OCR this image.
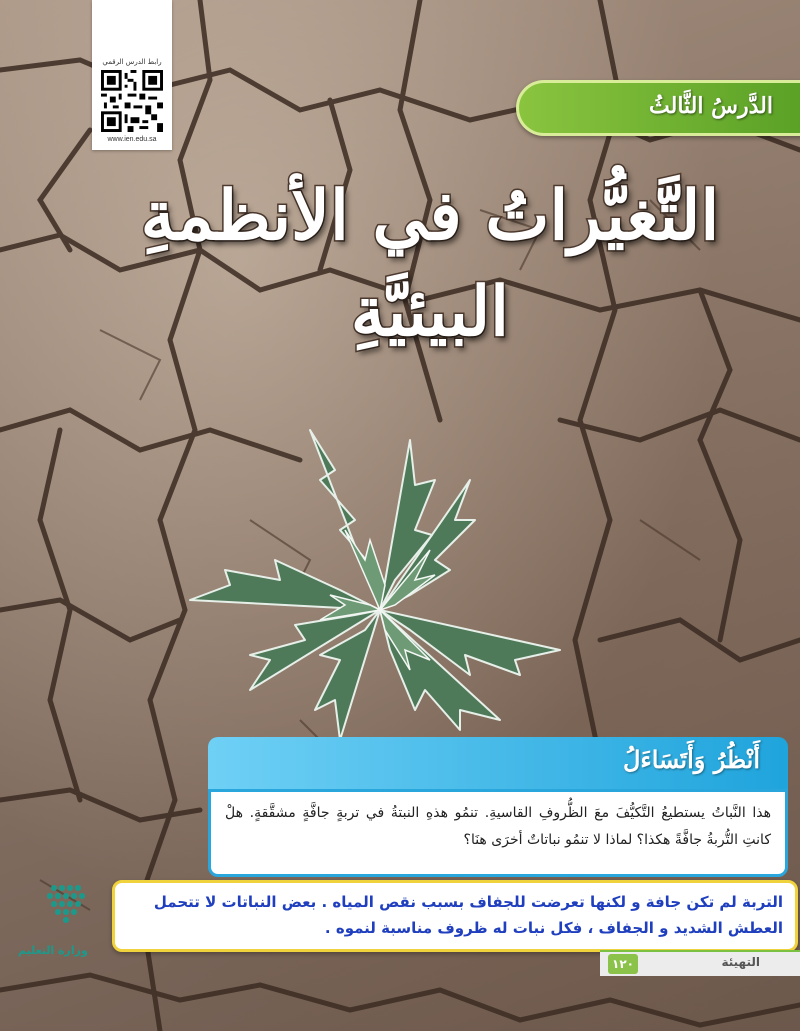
رابط الدرس الرقمي
www.ien.edu.sa
الدَّرسُ الثَّالثُ
التَّغيُّراتُ في الأنظمةِ
البيئيَّةِ
أَنْظُرُ وَأَتَسَاءَلُ
هذا النَّباتُ يستطيعُ التَّكيُّفَ معَ الظُّروفِ القاسيةِ. تنمُو هذهِ النبتةُ في تربةٍ جافَّةٍ مشقَّقةٍ. هلْ كانتِ التُّربةُ جافَّةً هكذا؟ لماذا لا تنمُو نباتاتٌ أخرَى هنَا؟
التربة لم تكن جافة و لكنها تعرضت للجفاف بسبب نقص المياه . بعض النباتات لا تتحمل العطش الشديد و الجفاف ، فكل نبات له ظروف مناسبة لنموه .
وزارة التعليم
١٢٠	التهيئة
